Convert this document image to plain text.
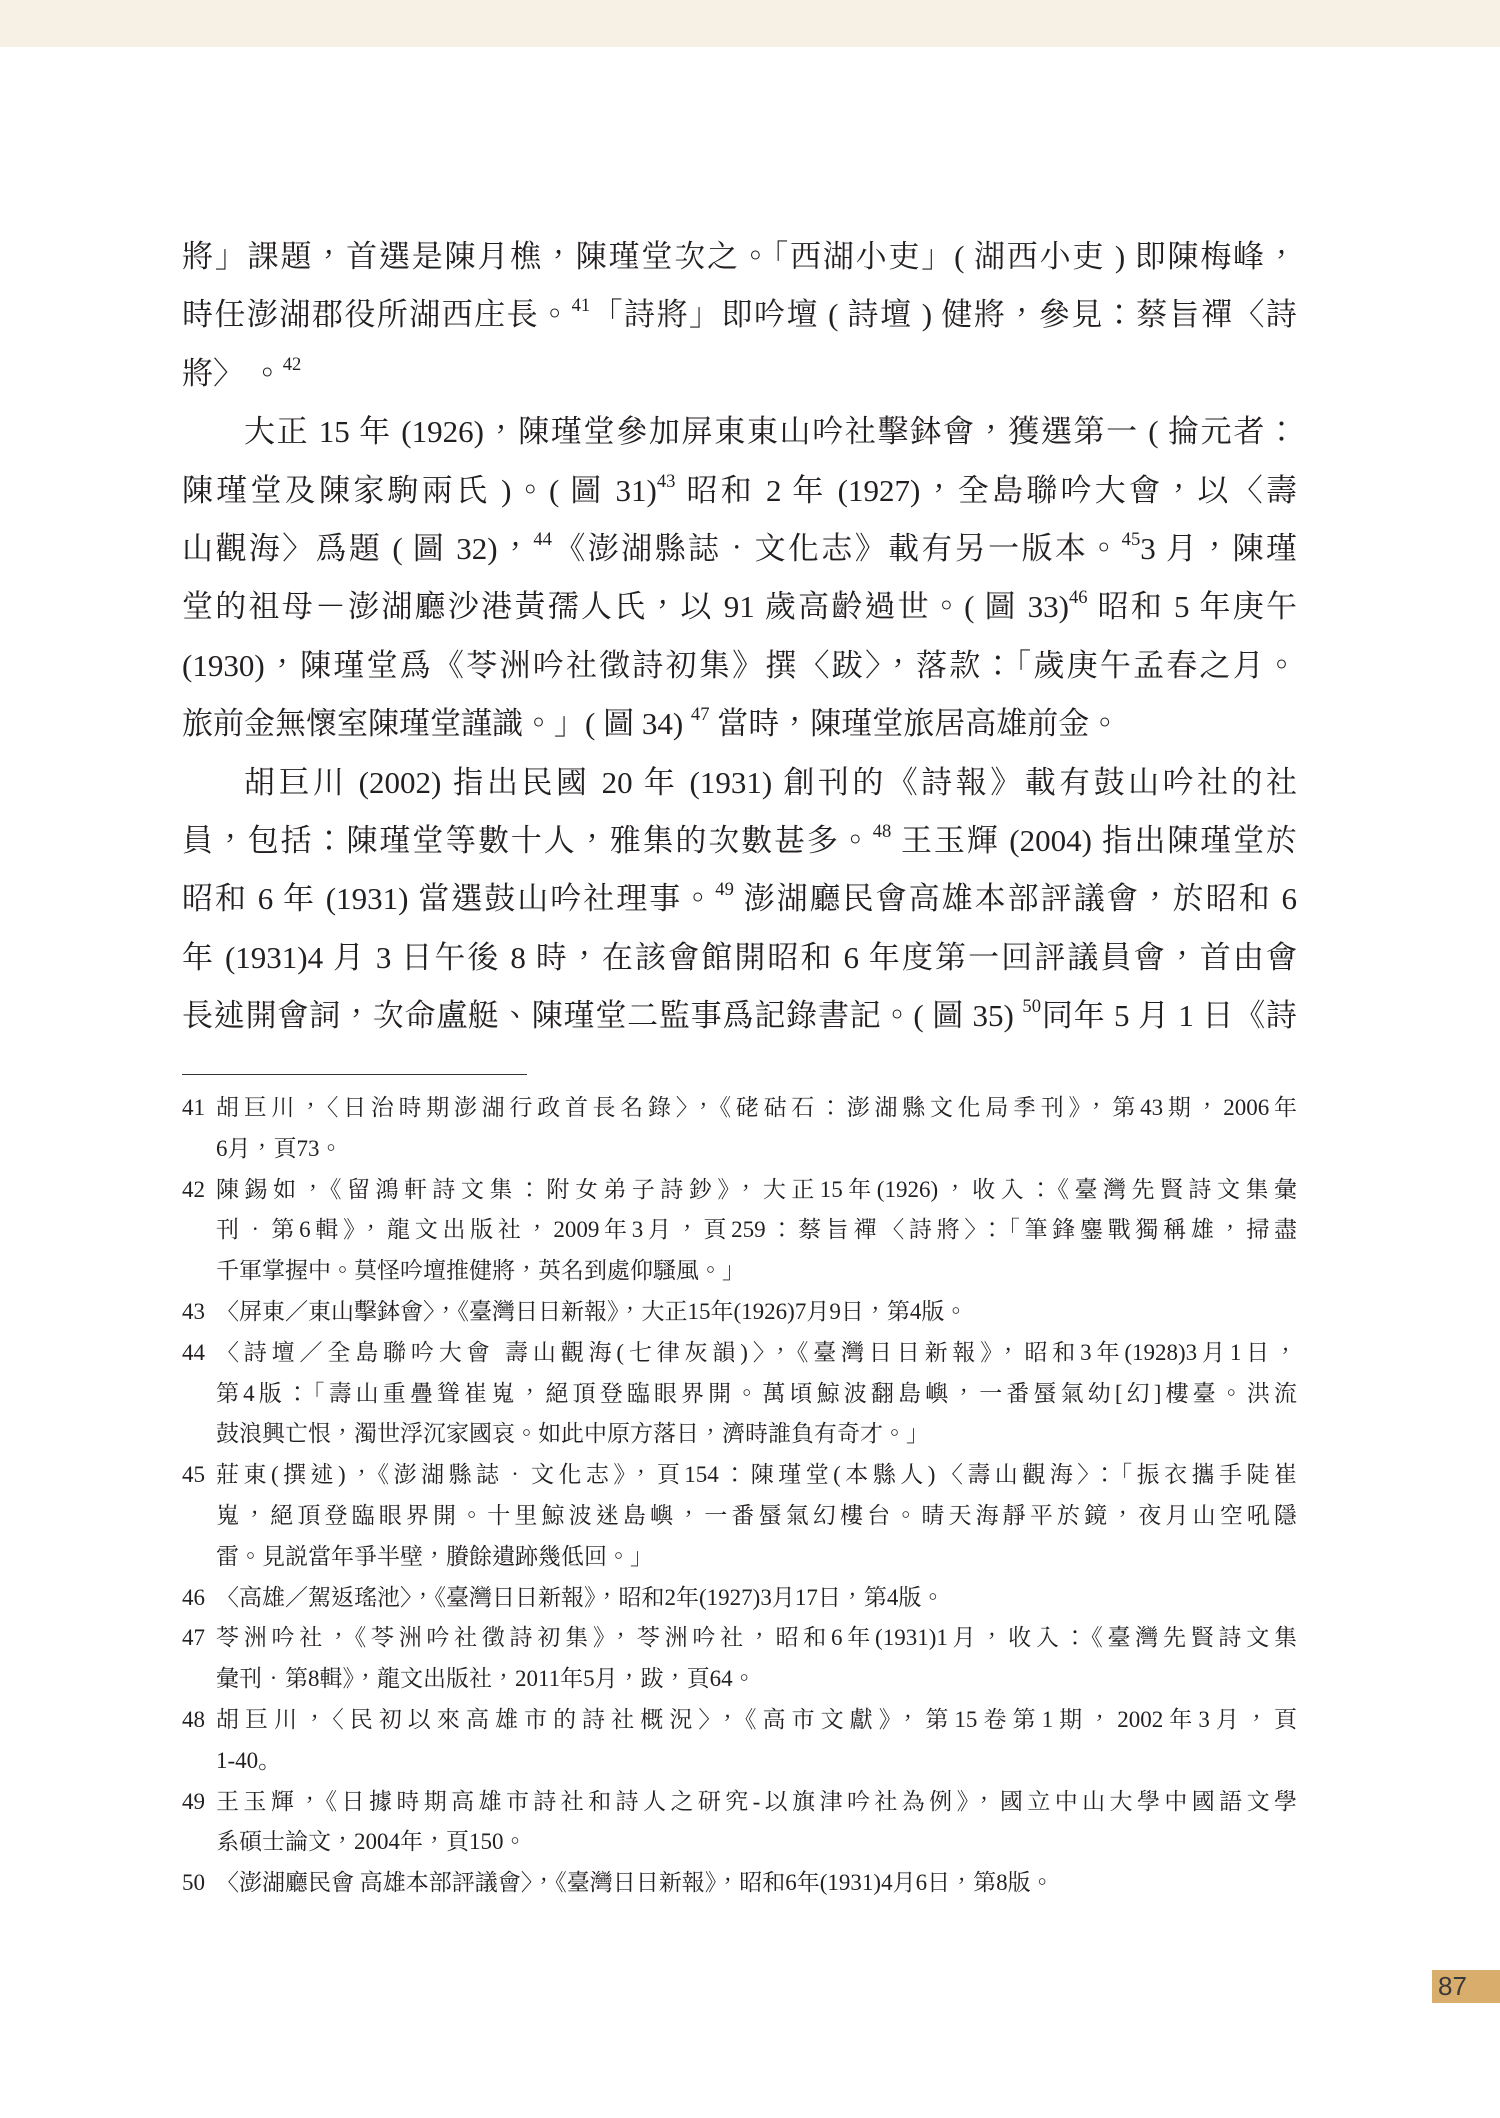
將」課題，首選是陳月樵，陳瑾堂次之。「西湖小吏」( 湖西小吏 ) 即陳梅峰，
時任澎湖郡役所湖西庄長。$^{41}$「詩將」即吟壇 ( 詩壇 ) 健將，參見：蔡旨禪〈詩
將〉 。$^{42}$
大正 15 年 (1926)，陳瑾堂參加屏東東山吟社擊鉢會，獲選第一 ( 掄元者：
陳瑾堂及陳家駒兩氏 )。( 圖 31)$^{43}$ 昭和 2 年 (1927)，全島聯吟大會，以〈壽
山觀海〉爲題 ( 圖 32)，$^{44}$《澎湖縣誌．文化志》載有另一版本。$^{45}$3 月，陳瑾
堂的祖母－澎湖廳沙港黃孺人氏，以 91 歲高齡過世。( 圖 33)$^{46}$ 昭和 5 年庚午
(1930)，陳瑾堂爲《苓洲吟社徵詩初集》撰〈跋〉，落款：「歲庚午孟春之月。
旅前金無懷室陳瑾堂謹識。」( 圖 34) $^{47}$ 當時，陳瑾堂旅居高雄前金。
胡巨川 (2002) 指出民國 20 年 (1931) 創刊的《詩報》載有鼓山吟社的社
員，包括：陳瑾堂等數十人，雅集的次數甚多。$^{48}$ 王玉輝 (2004) 指出陳瑾堂於
昭和 6 年 (1931) 當選鼓山吟社理事。$^{49}$ 澎湖廳民會高雄本部評議會，於昭和 6
年 (1931)4 月 3 日午後 8 時，在該會館開昭和 6 年度第一回評議員會，首由會
長述開會詞，次命盧艇、陳瑾堂二監事爲記錄書記。( 圖 35) $^{50}$同年 5 月 1 日《詩
41 胡巨川，〈日治時期澎湖行政首長名錄〉，《硓𥑮石：澎湖縣文化局季刊》，第43期，2006年
6月，頁73。
42 陳錫如，《留鴻軒詩文集：附女弟子詩鈔》，大正15年(1926)，收入：《臺灣先賢詩文集彙
刊．第6輯》，龍文出版社，2009年3月，頁259：蔡旨禪〈詩將〉：「筆鋒鏖戰獨稱雄，掃盡
千軍掌握中。莫怪吟壇推健將，英名到處仰騷風。」
43 〈屏東／東山擊鉢會〉，《臺灣日日新報》，大正15年(1926)7月9日，第4版。
44 〈詩壇／全島聯吟大會 壽山觀海(七律灰韻)〉，《臺灣日日新報》，昭和3年(1928)3月1日，
第4版：「壽山重疊聳崔嵬，絕頂登臨眼界開。萬頃鯨波翻島嶼，一番蜃氣幼[幻]樓臺。洪流
鼓浪興亡恨，濁世浮沉家國哀。如此中原方落日，濟時誰負有奇才。」
45 莊東(撰述)，《澎湖縣誌．文化志》，頁154：陳瑾堂(本縣人)〈壽山觀海〉：「振衣攜手陡崔
嵬，絕頂登臨眼界開。十里鯨波迷島嶼，一番蜃氣幻樓台。晴天海靜平於鏡，夜月山空吼隱
雷。見説當年爭半壁，賸餘遺跡幾低回。」
46 〈高雄／駕返瑤池〉，《臺灣日日新報》，昭和2年(1927)3月17日，第4版。
47 苓洲吟社，《苓洲吟社徵詩初集》，苓洲吟社，昭和6年(1931)1月，收入：《臺灣先賢詩文集
彙刊．第8輯》，龍文出版社，2011年5月，跋，頁64。
48 胡巨川，〈民初以來高雄市的詩社概況〉，《高市文獻》，第15卷第1期，2002年3月，頁
1-40。
49 王玉輝，《日據時期高雄市詩社和詩人之研究-以旗津吟社為例》，國立中山大學中國語文學
系碩士論文，2004年，頁150。
50 〈澎湖廳民會 高雄本部評議會〉，《臺灣日日新報》，昭和6年(1931)4月6日，第8版。
87
